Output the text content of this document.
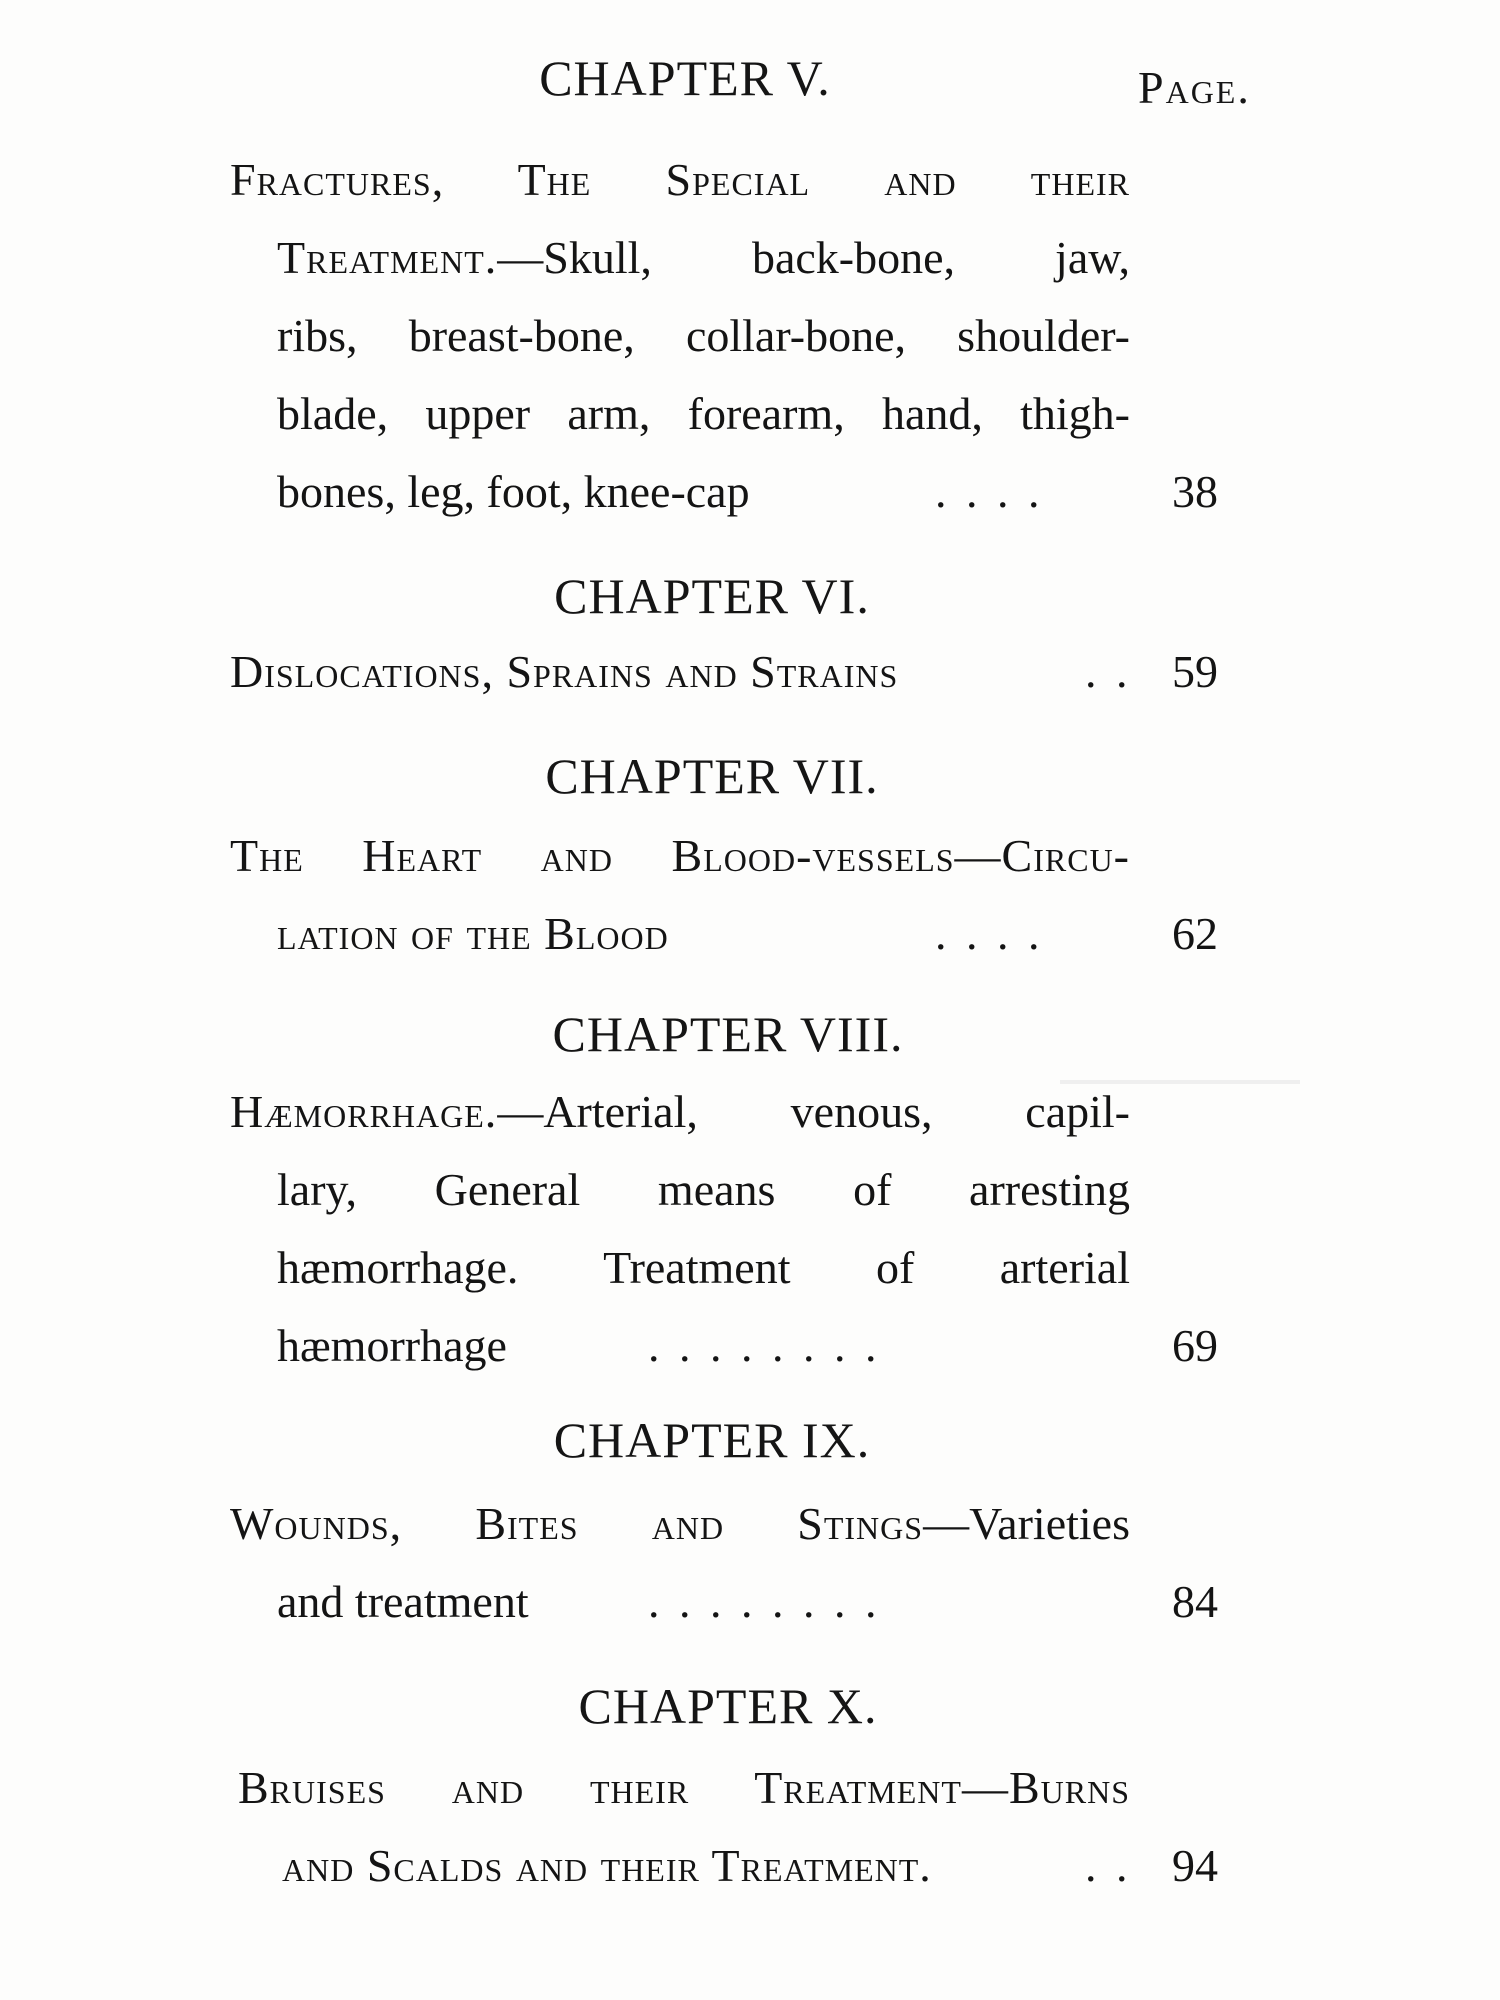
Page.
CHAPTER V.
Fractures, The Special and their
Treatment.—Skull, back-bone, jaw,
ribs, breast-bone, collar-bone, shoulder-
blade, upper arm, forearm, hand, thigh-
bones, leg, foot, knee-cap	. . . .	38
CHAPTER VI.
Dislocations, Sprains and Strains	. . 59
CHAPTER VII.
The Heart and Blood-vessels—Circu-
lation of the Blood	. . . .	62
CHAPTER VIII.
Hæmorrhage.—Arterial, venous, capil-
lary, General means of arresting
hæmorrhage. Treatment of arterial
hæmorrhage	. . . . . . . .	69
CHAPTER IX.
Wounds, Bites and Stings—Varieties
and treatment	. . . . . . . .	84
CHAPTER X.
Bruises and their Treatment—Burns
and Scalds and their Treatment.	. . 94
